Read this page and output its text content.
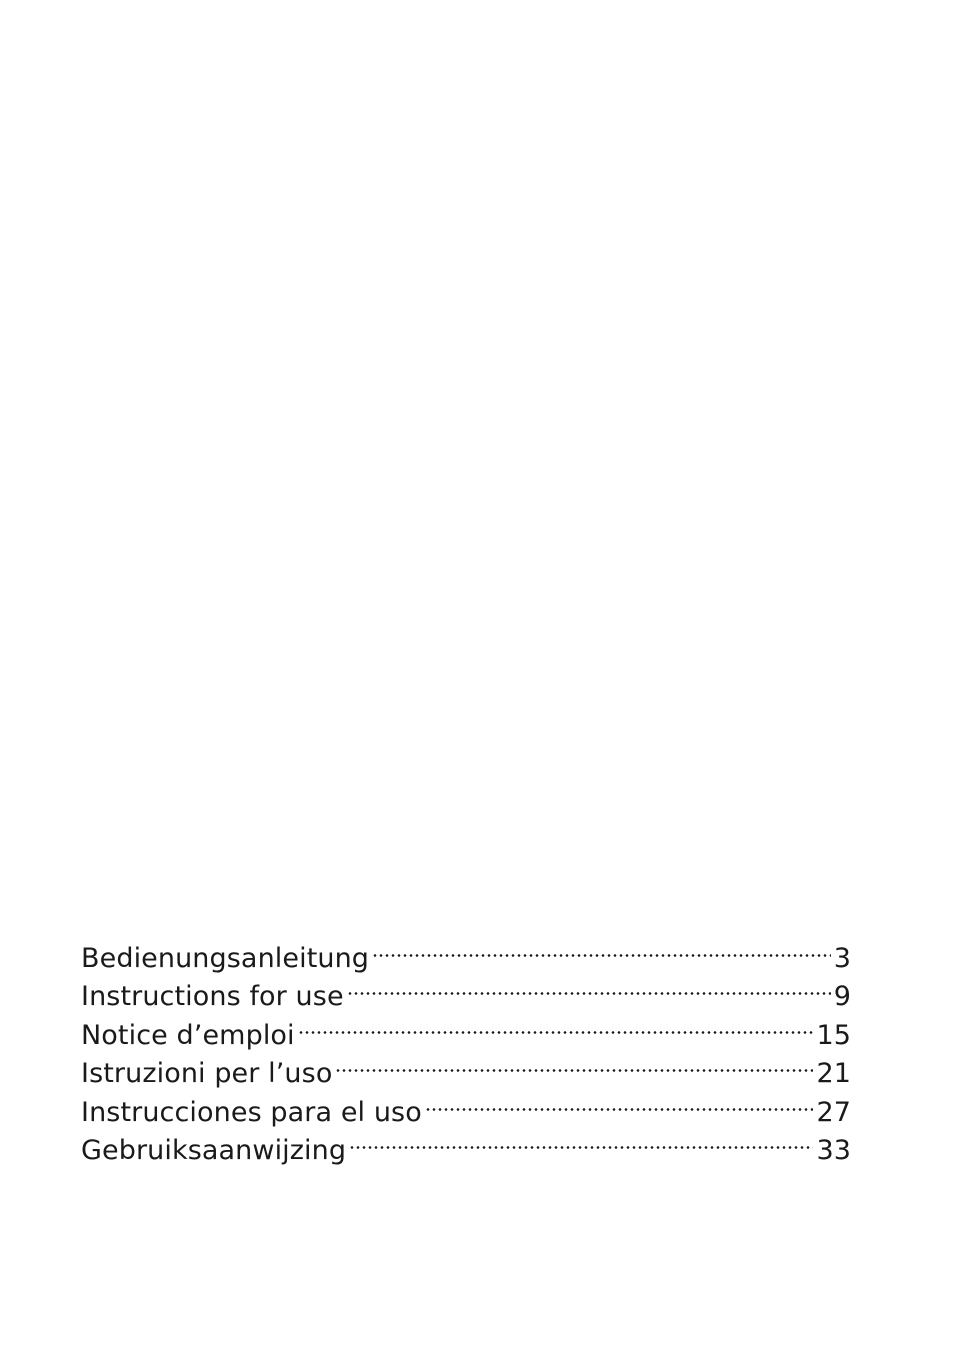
Bedienungsanleitung	3
Instructions for use	9
Notice d’emploi	15
Istruzioni per l’uso	21
Instrucciones para el uso	27
Gebruiksaanwijzing	33
